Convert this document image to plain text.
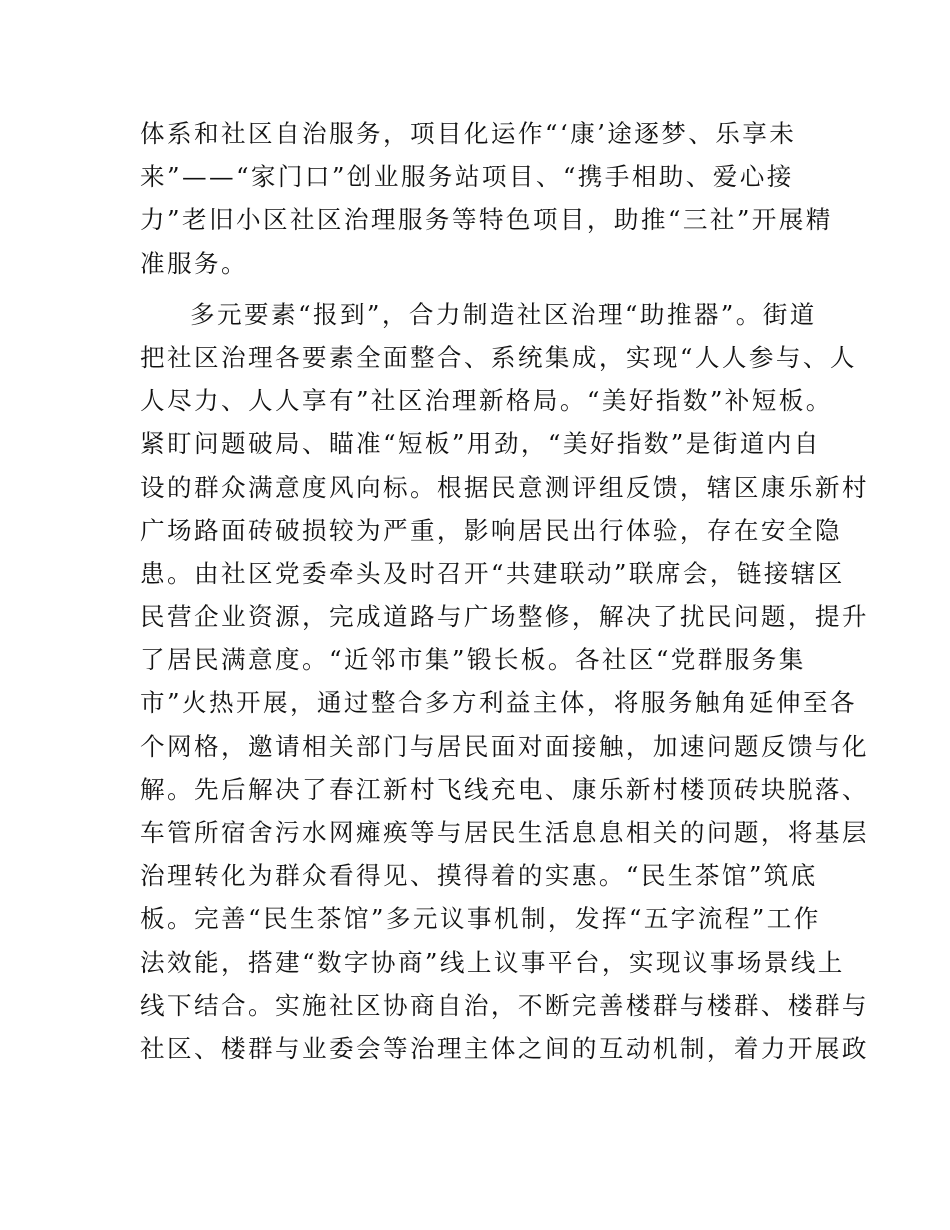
体系和社区自治服务，项目化运作“‘康’途逐梦、乐享未
来”——“家门口”创业服务站项目、“携手相助、爱心接
力”老旧小区社区治理服务等特色项目，助推“三社”开展精
准服务。
多元要素“报到”，合力制造社区治理“助推器”。街道
把社区治理各要素全面整合、系统集成，实现“人人参与、人
人尽力、人人享有”社区治理新格局。“美好指数”补短板。
紧盯问题破局、瞄准“短板”用劲，“美好指数”是街道内自
设的群众满意度风向标。根据民意测评组反馈，辖区康乐新村
广场路面砖破损较为严重，影响居民出行体验，存在安全隐
患。由社区党委牵头及时召开“共建联动”联席会，链接辖区
民营企业资源，完成道路与广场整修，解决了扰民问题，提升
了居民满意度。“近邻市集”锻长板。各社区“党群服务集
市”火热开展，通过整合多方利益主体，将服务触角延伸至各
个网格，邀请相关部门与居民面对面接触，加速问题反馈与化
解。先后解决了春江新村飞线充电、康乐新村楼顶砖块脱落、
车管所宿舍污水网瘫痪等与居民生活息息相关的问题，将基层
治理转化为群众看得见、摸得着的实惠。“民生茶馆”筑底
板。完善“民生茶馆”多元议事机制，发挥“五字流程”工作
法效能，搭建“数字协商”线上议事平台，实现议事场景线上
线下结合。实施社区协商自治，不断完善楼群与楼群、楼群与
社区、楼群与业委会等治理主体之间的互动机制，着力开展政
